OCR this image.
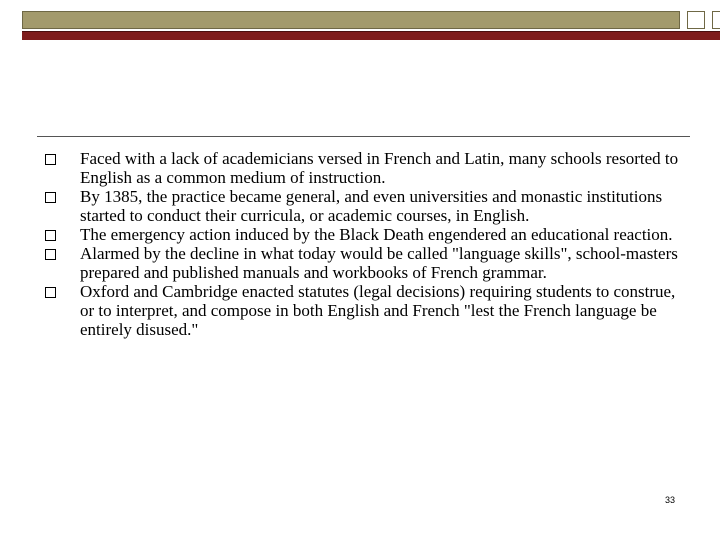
Faced with a lack of academicians versed in French and Latin, many schools resorted to English as a common medium of instruction.
By 1385, the practice became general, and even universities and monastic institutions started to conduct their curricula, or academic courses, in English.
The emergency action induced by the Black Death engendered an educational reaction.
Alarmed by the decline in what today would be called "language skills", school-masters prepared and published manuals and workbooks of French grammar.
Oxford and Cambridge enacted statutes (legal decisions) requiring students to construe, or to interpret, and compose in both English and French "lest the French language be entirely disused."
33
